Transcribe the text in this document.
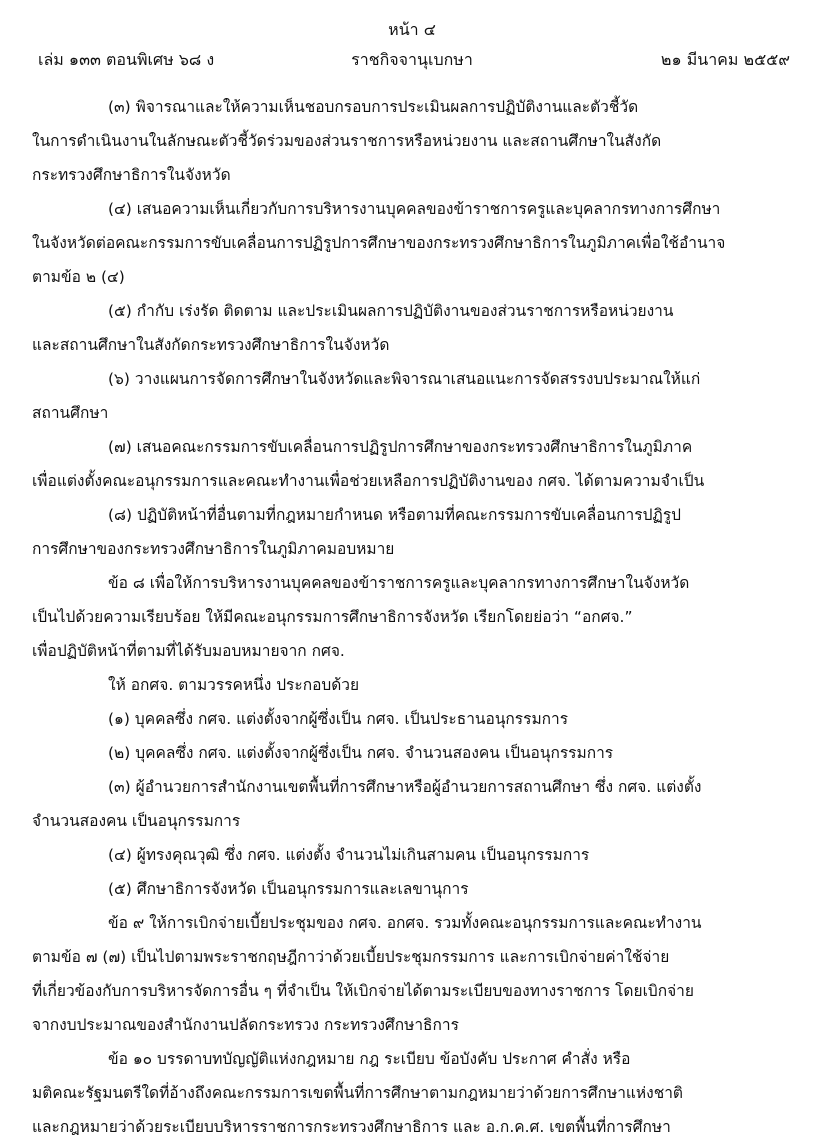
หน้า ๔
เล่ม ๑๓๓ ตอนพิเศษ ๖๘ ง	ราชกิจจานุเบกษา	๒๑ มีนาคม ๒๕๕๙
(๓) พิจารณาและให้ความเห็นชอบกรอบการประเมินผลการปฏิบัติงานและตัวชี้วัด
ในการดำเนินงานในลักษณะตัวชี้วัดร่วมของส่วนราชการหรือหน่วยงาน และสถานศึกษาในสังกัด
กระทรวงศึกษาธิการในจังหวัด
(๔) เสนอความเห็นเกี่ยวกับการบริหารงานบุคคลของข้าราชการครูและบุคลากรทางการศึกษา
ในจังหวัดต่อคณะกรรมการขับเคลื่อนการปฏิรูปการศึกษาของกระทรวงศึกษาธิการในภูมิภาคเพื่อใช้อำนาจ
ตามข้อ ๒ (๔)
(๕) กำกับ เร่งรัด ติดตาม และประเมินผลการปฏิบัติงานของส่วนราชการหรือหน่วยงาน
และสถานศึกษาในสังกัดกระทรวงศึกษาธิการในจังหวัด
(๖) วางแผนการจัดการศึกษาในจังหวัดและพิจารณาเสนอแนะการจัดสรรงบประมาณให้แก่
สถานศึกษา
(๗) เสนอคณะกรรมการขับเคลื่อนการปฏิรูปการศึกษาของกระทรวงศึกษาธิการในภูมิภาค
เพื่อแต่งตั้งคณะอนุกรรมการและคณะทำงานเพื่อช่วยเหลือการปฏิบัติงานของ กศจ. ได้ตามความจำเป็น
(๘) ปฏิบัติหน้าที่อื่นตามที่กฎหมายกำหนด หรือตามที่คณะกรรมการขับเคลื่อนการปฏิรูป
การศึกษาของกระทรวงศึกษาธิการในภูมิภาคมอบหมาย
ข้อ ๘ เพื่อให้การบริหารงานบุคคลของข้าราชการครูและบุคลากรทางการศึกษาในจังหวัด
เป็นไปด้วยความเรียบร้อย ให้มีคณะอนุกรรมการศึกษาธิการจังหวัด เรียกโดยย่อว่า “อกศจ.”
เพื่อปฏิบัติหน้าที่ตามที่ได้รับมอบหมายจาก กศจ.
ให้ อกศจ. ตามวรรคหนึ่ง ประกอบด้วย
(๑) บุคคลซึ่ง กศจ. แต่งตั้งจากผู้ซึ่งเป็น กศจ. เป็นประธานอนุกรรมการ
(๒) บุคคลซึ่ง กศจ. แต่งตั้งจากผู้ซึ่งเป็น กศจ. จำนวนสองคน เป็นอนุกรรมการ
(๓) ผู้อำนวยการสำนักงานเขตพื้นที่การศึกษาหรือผู้อำนวยการสถานศึกษา ซึ่ง กศจ. แต่งตั้ง
จำนวนสองคน เป็นอนุกรรมการ
(๔) ผู้ทรงคุณวุฒิ ซึ่ง กศจ. แต่งตั้ง จำนวนไม่เกินสามคน เป็นอนุกรรมการ
(๕) ศึกษาธิการจังหวัด เป็นอนุกรรมการและเลขานุการ
ข้อ ๙ ให้การเบิกจ่ายเบี้ยประชุมของ กศจ. อกศจ. รวมทั้งคณะอนุกรรมการและคณะทำงาน
ตามข้อ ๗ (๗) เป็นไปตามพระราชกฤษฎีกาว่าด้วยเบี้ยประชุมกรรมการ และการเบิกจ่ายค่าใช้จ่าย
ที่เกี่ยวข้องกับการบริหารจัดการอื่น ๆ ที่จำเป็น ให้เบิกจ่ายได้ตามระเบียบของทางราชการ โดยเบิกจ่าย
จากงบประมาณของสำนักงานปลัดกระทรวง กระทรวงศึกษาธิการ
ข้อ ๑๐ บรรดาบทบัญญัติแห่งกฎหมาย กฎ ระเบียบ ข้อบังคับ ประกาศ คำสั่ง หรือ
มติคณะรัฐมนตรีใดที่อ้างถึงคณะกรรมการเขตพื้นที่การศึกษาตามกฎหมายว่าด้วยการศึกษาแห่งชาติ
และกฎหมายว่าด้วยระเบียบบริหารราชการกระทรวงศึกษาธิการ และ อ.ก.ค.ศ. เขตพื้นที่การศึกษา
